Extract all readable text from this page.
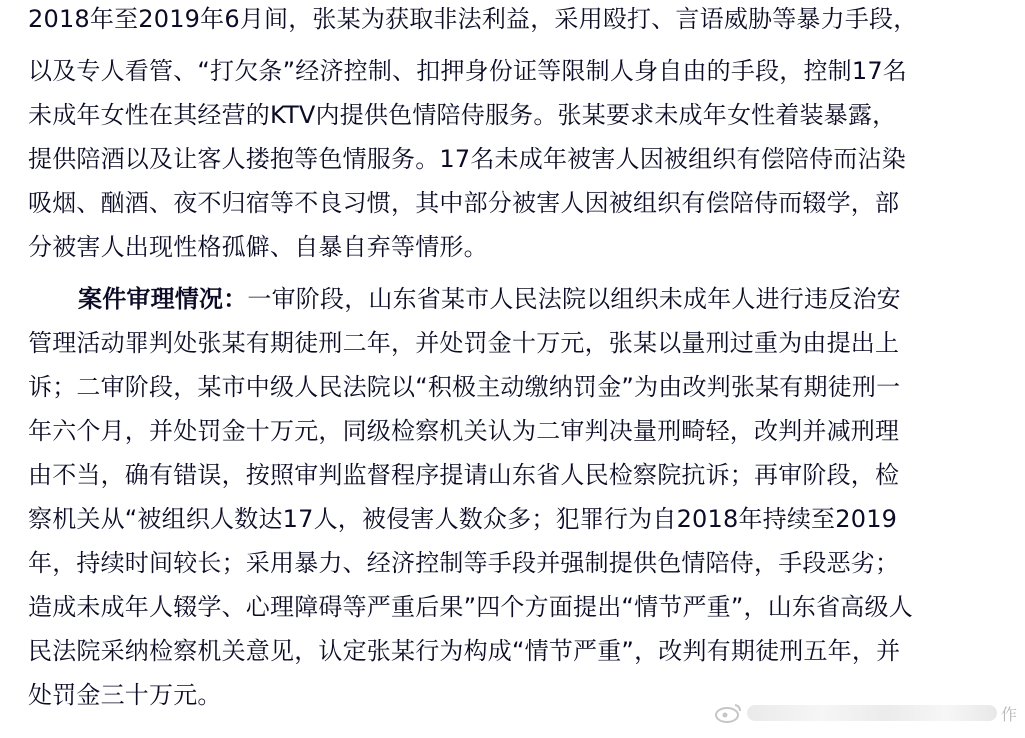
2018年至2019年6月间，张某为获取非法利益，采用殴打、言语威胁等暴力手段，
以及专人看管、“打欠条”经济控制、扣押身份证等限制人身自由的手段，控制17名
未成年女性在其经营的KTV内提供色情陪侍服务。张某要求未成年女性着装暴露，
提供陪酒以及让客人搂抱等色情服务。17名未成年被害人因被组织有偿陪侍而沾染
吸烟、酗酒、夜不归宿等不良习惯，其中部分被害人因被组织有偿陪侍而辍学，部
分被害人出现性格孤僻、自暴自弃等情形。
案件审理情况：一审阶段，山东省某市人民法院以组织未成年人进行违反治安
管理活动罪判处张某有期徒刑二年，并处罚金十万元，张某以量刑过重为由提出上
诉；二审阶段，某市中级人民法院以“积极主动缴纳罚金”为由改判张某有期徒刑一
年六个月，并处罚金十万元，同级检察机关认为二审判决量刑畸轻，改判并减刑理
由不当，确有错误，按照审判监督程序提请山东省人民检察院抗诉；再审阶段，检
察机关从“被组织人数达17人，被侵害人数众多；犯罪行为自2018年持续至2019
年，持续时间较长；采用暴力、经济控制等手段并强制提供色情陪侍，手段恶劣；
造成未成年人辍学、心理障碍等严重后果”四个方面提出“情节严重”，山东省高级人
民法院采纳检察机关意见，认定张某行为构成“情节严重”，改判有期徒刑五年，并
处罚金三十万元。
作
